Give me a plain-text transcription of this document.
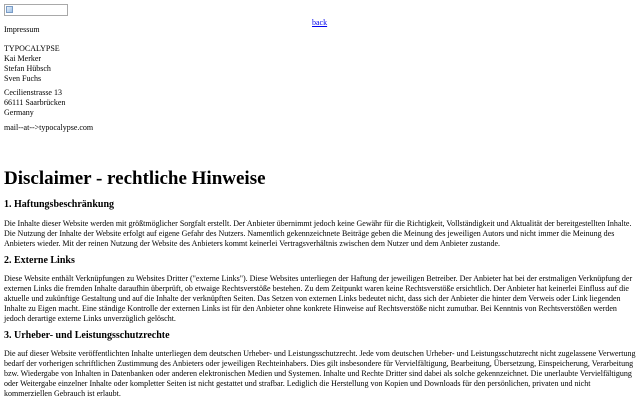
back
Impressum
TYPOCALYPSE
Kai Merker
Stefan Hübsch
Sven Fuchs
Cecilienstrasse 13
66111 Saarbrücken
Germany
mail--at-->typocalypse.com
Disclaimer - rechtliche Hinweise
1. Haftungsbeschränkung

Die Inhalte dieser Website werden mit größtmöglicher Sorgfalt erstellt. Der Anbieter übernimmt jedoch keine Gewähr für die Richtigkeit, Vollständigkeit und Aktualität der bereitgestellten Inhalte. Die Nutzung der Inhalte der Website erfolgt auf eigene Gefahr des Nutzers. Namentlich gekennzeichnete Beiträge geben die Meinung des jeweiligen Autors und nicht immer die Meinung des Anbieters wieder. Mit der reinen Nutzung der Website des Anbieters kommt keinerlei Vertragsverhältnis zwischen dem Nutzer und dem Anbieter zustande.

2. Externe Links

Diese Website enthält Verknüpfungen zu Websites Dritter ("externe Links"). Diese Websites unterliegen der Haftung der jeweiligen Betreiber. Der Anbieter hat bei der erstmaligen Verknüpfung der externen Links die fremden Inhalte daraufhin überprüft, ob etwaige Rechtsverstöße bestehen. Zu dem Zeitpunkt waren keine Rechtsverstöße ersichtlich. Der Anbieter hat keinerlei Einfluss auf die aktuelle und zukünftige Gestaltung und auf die Inhalte der verknüpften Seiten. Das Setzen von externen Links bedeutet nicht, dass sich der Anbieter die hinter dem Verweis oder Link liegenden Inhalte zu Eigen macht. Eine ständige Kontrolle der externen Links ist für den Anbieter ohne konkrete Hinweise auf Rechtsverstöße nicht zumutbar. Bei Kenntnis von Rechtsverstößen werden jedoch derartige externe Links unverzüglich gelöscht.

3. Urheber- und Leistungsschutzrechte

Die auf dieser Website veröffentlichten Inhalte unterliegen dem deutschen Urheber- und Leistungsschutzrecht. Jede vom deutschen Urheber- und Leistungsschutzrecht nicht zugelassene Verwertung bedarf der vorherigen schriftlichen Zustimmung des Anbieters oder jeweiligen Rechteinhabers. Dies gilt insbesondere für Vervielfältigung, Bearbeitung, Übersetzung, Einspeicherung, Verarbeitung bzw. Wiedergabe von Inhalten in Datenbanken oder anderen elektronischen Medien und Systemen. Inhalte und Rechte Dritter sind dabei als solche gekennzeichnet. Die unerlaubte Vervielfältigung oder Weitergabe einzelner Inhalte oder kompletter Seiten ist nicht gestattet und strafbar. Lediglich die Herstellung von Kopien und Downloads für den persönlichen, privaten und nicht kommerziellen Gebrauch ist erlaubt.
